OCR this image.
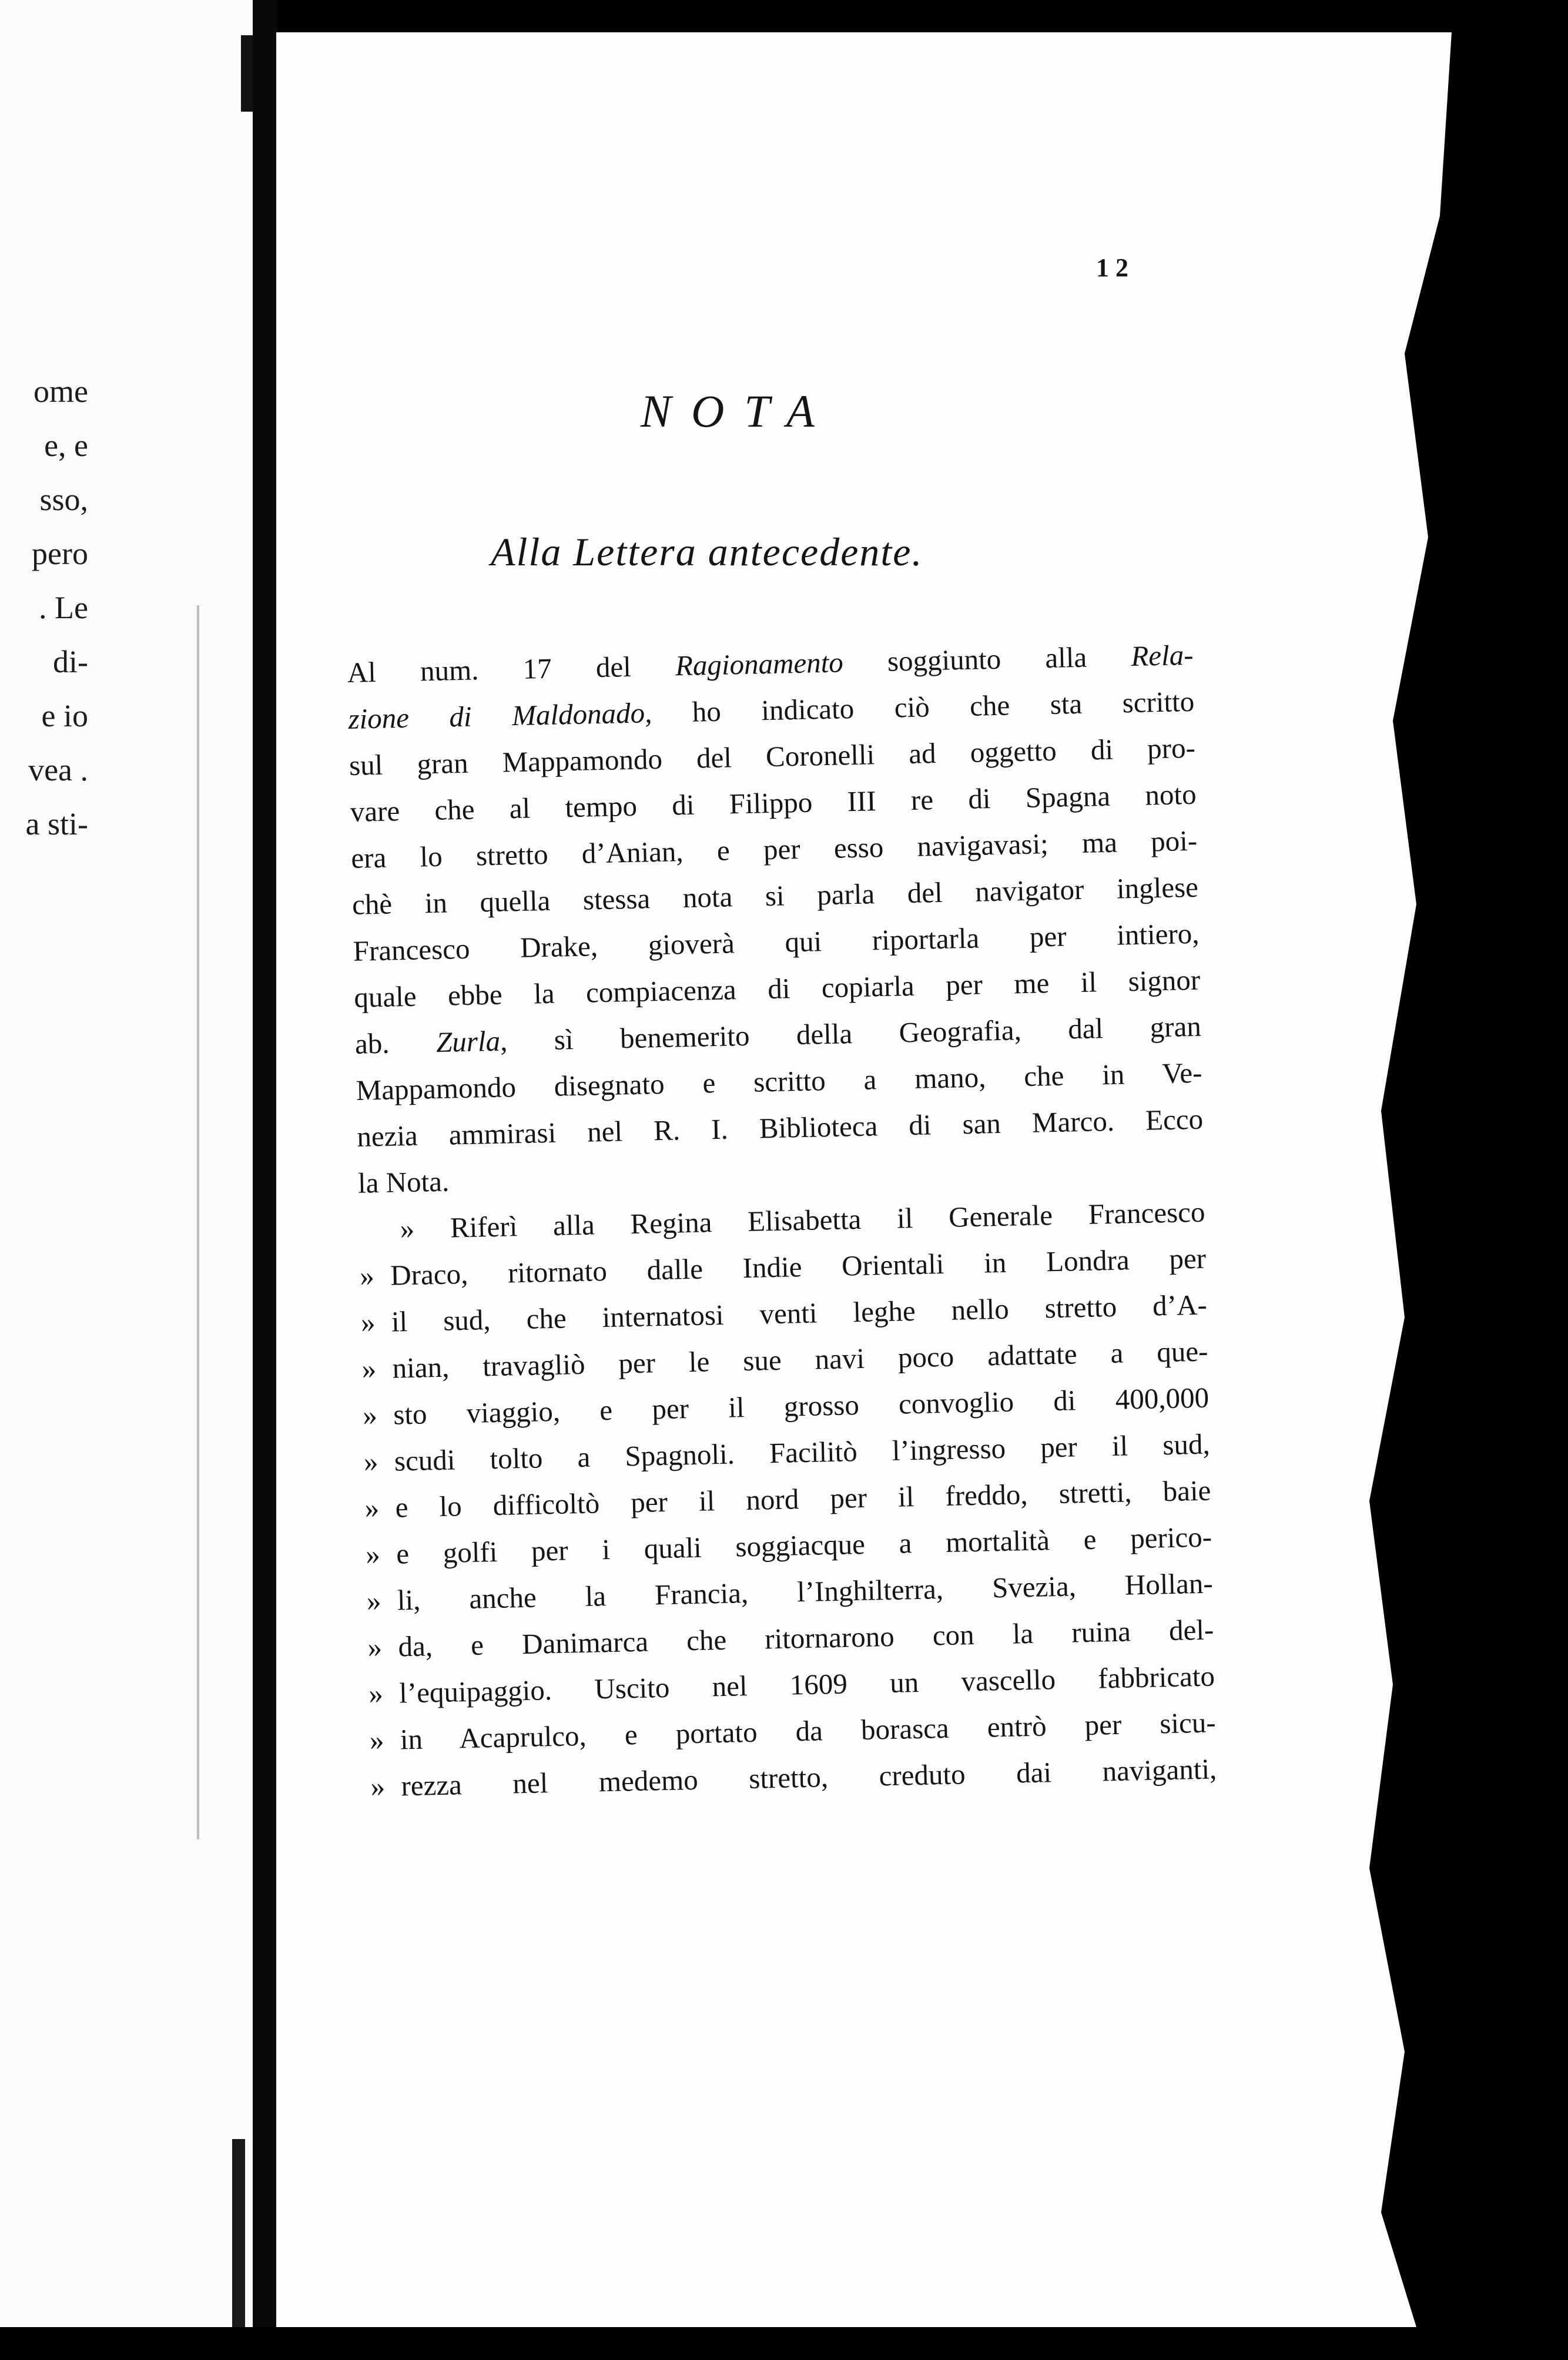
ome
e, e
sso,
pero
. Le
di-
e io
vea .
a sti-
1 2
NOTA
Alla Lettera antecedente.
Al num. 17 del Ragionamento soggiunto alla Rela-
zione di Maldonado, ho indicato ciò che sta scritto
sul gran Mappamondo del Coronelli ad oggetto di pro-
vare che al tempo di Filippo III re di Spagna noto
era lo stretto d’Anian, e per esso navigavasi; ma poi-
chè in quella stessa nota si parla del navigator inglese
Francesco Drake, gioverà qui riportarla per intiero,
quale ebbe la compiacenza di copiarla per me il signor
ab. Zurla, sì benemerito della Geografia, dal gran
Mappamondo disegnato e scritto a mano, che in Ve-
nezia ammirasi nel R. I. Biblioteca di san Marco. Ecco
la Nota.
» Riferì alla Regina Elisabetta il Generale Francesco
» Draco, ritornato dalle Indie Orientali in Londra per
» il sud, che internatosi venti leghe nello stretto d’A-
» nian, travagliò per le sue navi poco adattate a que-
» sto viaggio, e per il grosso convoglio di 400,000
» scudi tolto a Spagnoli. Facilitò l’ingresso per il sud,
» e lo difficoltò per il nord per il freddo, stretti, baie
» e golfi per i quali soggiacque a mortalità e perico-
» li, anche la Francia, l’Inghilterra, Svezia, Hollan-
» da, e Danimarca che ritornarono con la ruina del-
» l’equipaggio. Uscito nel 1609 un vascello fabbricato
» in Acaprulco, e portato da borasca entrò per sicu-
» rezza nel medemo stretto, creduto dai naviganti,
